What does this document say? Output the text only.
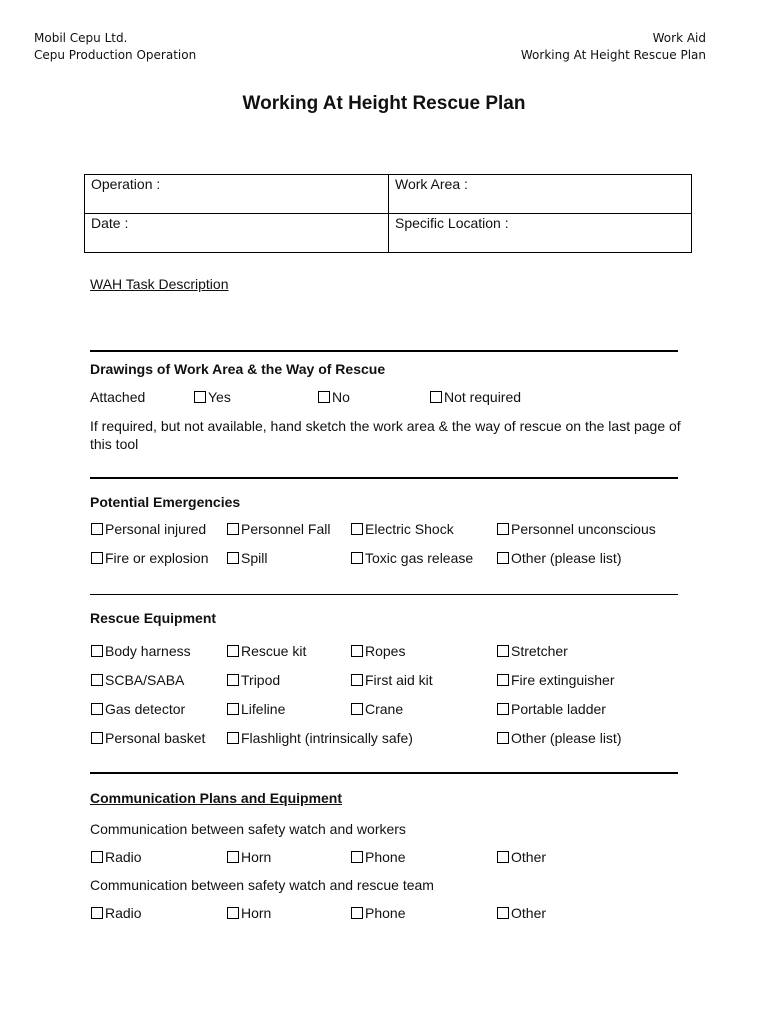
Mobil Cepu Ltd.
Cepu Production Operation
Work Aid
Working At Height Rescue Plan
Working At Height Rescue Plan
Operation :	Work Area :
Date :	Specific Location :
WAH Task Description
Drawings of Work Area & the Way of Rescue
Attached	Yes	No	Not required
If required, but not available, hand sketch the work area & the way of rescue on the last page of this tool
Potential Emergencies
Personal injured	Personnel Fall	Electric Shock	Personnel unconscious
Fire or explosion	Spill	Toxic gas release	Other (please list)
Rescue Equipment
Body harness	Rescue kit	Ropes	Stretcher
SCBA/SABA	Tripod	First aid kit	Fire extinguisher
Gas detector	Lifeline	Crane	Portable ladder
Personal basket	Flashlight (intrinsically safe)	Other (please list)
Communication Plans and Equipment
Communication between safety watch and workers
Radio	Horn	Phone	Other
Communication between safety watch and rescue team
Radio	Horn	Phone	Other
